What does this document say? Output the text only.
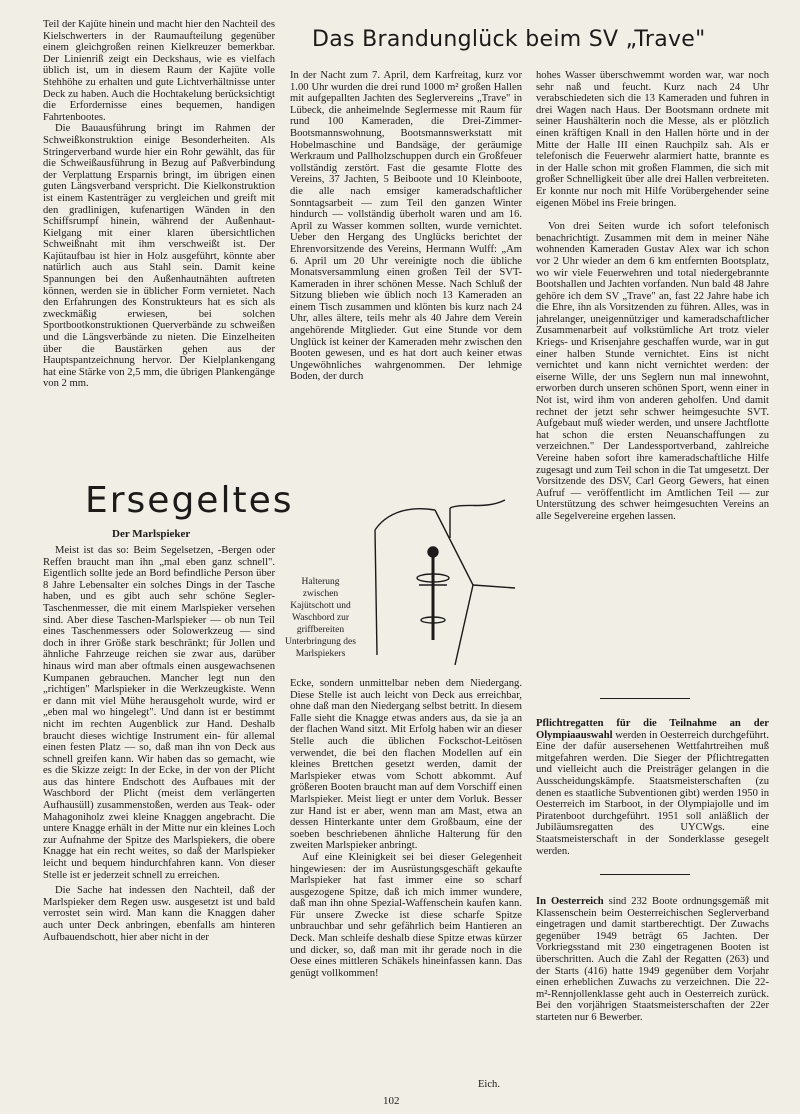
Teil der Kajüte hinein und macht hier den Nachteil des Kielschwerters in der Raumaufteilung gegenüber einem gleichgroßen reinen Kielkreuzer bemerkbar. Der Linienriß zeigt ein Deckshaus, wie es vielfach üblich ist, um in diesem Raum der Kajüte volle Stehhöhe zu erhalten und gute Lichtverhältnisse unter Deck zu haben. Auch die Hochtakelung berücksichtigt die Erfordernisse eines bequemen, handigen Fahrtenbootes.

Die Bauausführung bringt im Rahmen der Schweißkonstruktion einige Besonderheiten. Als Stringerverband wurde hier ein Rohr gewählt, das für die Schweißausführung in Bezug auf Paßverbindung der Verplattung Ersparnis bringt, im übrigen einen guten Längsverband verspricht. Die Kielkonstruktion ist einem Kastenträger zu vergleichen und greift mit den gradlinigen, kufenartigen Wänden in den Schiffsrumpf hinein, während der Außenhaut-Kielgang mit einer klaren übersichtlichen Schweißnaht mit ihm verschweißt ist. Der Kajütaufbau ist hier in Holz ausgeführt, könnte aber natürlich auch aus Stahl sein. Damit keine Spannungen bei den Außenhautnähten auftreten können, werden sie in üblicher Form vernietet. Nach den Erfahrungen des Konstrukteurs hat es sich als zweckmäßig erwiesen, bei solchen Sportbootkonstruktionen Querverbände zu schweißen und die Längsverbände zu nieten. Die Einzelheiten über die Baustärken gehen aus der Hauptspantzeichnung hervor. Der Kielplankengang hat eine Stärke von 2,5 mm, die übrigen Plankengänge von 2 mm.

Das Brandunglück beim SV „Trave"

In der Nacht zum 7. April, dem Karfreitag, kurz vor 1.00 Uhr wurden die drei rund 1000 m² großen Hallen mit aufgepallten Jachten des Seglervereins „Trave" in Lübeck, die anheimelnde Seglermesse mit Raum für rund 100 Kameraden, die Drei-Zimmer-Bootsmannswohnung, Bootsmannswerkstatt mit Hobelmaschine und Bandsäge, der geräumige Werkraum und Pallholzschuppen durch ein Großfeuer vollständig zerstört. Fast die gesamte Flotte des Vereins, 37 Jachten, 5 Beiboote und 10 Kleinboote, die alle nach emsiger kameradschaftlicher Sonntagsarbeit — zum Teil den ganzen Winter hindurch — vollständig überholt waren und am 16. April zu Wasser kommen sollten, wurde vernichtet. Ueber den Hergang des Unglücks berichtet der Ehrenvorsitzende des Vereins, Hermann Wulff: „Am 6. April um 20 Uhr vereinigte noch die übliche Monatsversammlung einen großen Teil der SVT-Kameraden in ihrer schönen Messe. Nach Schluß der Sitzung blieben wie üblich noch 13 Kameraden an einem Tisch zusammen und klönten bis kurz nach 24 Uhr, alles ältere, teils mehr als 40 Jahre dem Verein angehörende Mitglieder. Gut eine Stunde vor dem Unglück ist keiner der Kameraden mehr zwischen den Booten gewesen, und es hat dort auch keiner etwas Ungewöhnliches wahrgenommen. Der lehmige Boden, der durch

hohes Wasser überschwemmt worden war, war noch sehr naß und feucht. Kurz nach 24 Uhr verabschiedeten sich die 13 Kameraden und fuhren in drei Wagen nach Haus. Der Bootsmann ordnete mit seiner Haushälterin noch die Messe, als er plötzlich einen kräftigen Knall in den Hallen hörte und in der Mitte der Halle III einen Rauchpilz sah. Als er telefonisch die Feuerwehr alarmiert hatte, brannte es in der Halle schon mit großen Flammen, die sich mit großer Schnelligkeit über alle drei Hallen verbreiteten. Er konnte nur noch mit Hilfe Vorübergehender seine eigenen Möbel ins Freie bringen.

Von drei Seiten wurde ich sofort telefonisch benachrichtigt. Zusammen mit dem in meiner Nähe wohnenden Kameraden Gustav Alex war ich schon vor 2 Uhr wieder an dem 6 km entfernten Bootsplatz, wo wir viele Feuerwehren und total niedergebrannte Bootshallen und Jachten vorfanden. Nun bald 48 Jahre gehöre ich dem SV „Trave" an, fast 22 Jahre habe ich die Ehre, ihn als Vorsitzenden zu führen. Alles, was in jahrelanger, uneigennütziger und kameradschaftlicher Zusammenarbeit auf volkstümliche Art trotz vieler Kriegs- und Krisenjahre geschaffen wurde, war in gut einer halben Stunde vernichtet. Eins ist nicht vernichtet und kann nicht vernichtet werden: der eiserne Wille, der uns Seglern nun mal innewohnt, erworben durch unseren schönen Sport, wenn einer in Not ist, wird ihm von anderen geholfen. Und damit rechnet der jetzt sehr schwer heimgesuchte SVT. Aufgebaut muß wieder werden, und unsere Jachtflotte hat schon die ersten Neuanschaffungen zu verzeichnen." Der Landessportverband, zahlreiche Vereine haben sofort ihre kameradschaftliche Hilfe zugesagt und zum Teil schon in die Tat umgesetzt. Der Vorsitzende des DSV, Carl Georg Gewers, hat einen Aufruf — veröffentlicht im Amtlichen Teil — zur Unterstützung des schwer heimgesuchten Vereins an alle Segelvereine ergehen lassen.

Ersegeltes
Der Marlspieker

Meist ist das so: Beim Segelsetzen, -Bergen oder Reffen braucht man ihn „mal eben ganz schnell". Eigentlich sollte jede an Bord befindliche Person über 8 Jahre Lebensalter ein solches Dings in der Tasche haben, und es gibt auch sehr schöne Segler-Taschenmesser, die mit einem Marlspieker versehen sind. Aber diese Taschen-Marlspieker — ob nun Teil eines Taschenmessers oder Solowerkzeug — sind doch in ihrer Größe stark beschränkt; für Jollen und ähnliche Fahrzeuge reichen sie zwar aus, darüber hinaus wird man aber oftmals einen ausgewachsenen Kumpanen gebrauchen. Mancher legt nun den „richtigen" Marlspieker in die Werkzeugkiste. Wenn er dann mit viel Mühe herausgeholt wurde, wird er „eben mal wo hingelegt". Und dann ist er bestimmt nicht im rechten Augenblick zur Hand. Deshalb braucht dieses wichtige Instrument ein- für allemal einen festen Platz — so, daß man ihn von Deck aus schnell greifen kann. Wir haben das so gemacht, wie es die Skizze zeigt: In der Ecke, in der von der Plicht aus das hintere Endschott des Aufbaues mit der Waschbord der Plicht (meist dem verlängerten Aufhausüll) zusammenstoßen, werden aus Teak- oder Mahagoniholz zwei kleine Knaggen angebracht. Die untere Knagge erhält in der Mitte nur ein kleines Loch zur Aufnahme der Spitze des Marlspiekers, die obere Knagge hat ein recht weites, so daß der Marlspieker leicht und bequem hindurchfahren kann. Von dieser Stelle ist er jederzeit schnell zu erreichen.

Die Sache hat indessen den Nachteil, daß der Marlspieker dem Regen usw. ausgesetzt ist und bald verrostet sein wird. Man kann die Knaggen daher auch unter Deck anbringen, ebenfalls am hinteren Aufbauendschott, hier aber nicht in der

Halterung zwischen Kajütschott und Waschbord zur griffbereiten Unterbringung des Marlspiekers

Ecke, sondern unmittelbar neben dem Niedergang. Diese Stelle ist auch leicht von Deck aus erreichbar, ohne daß man den Niedergang selbst betritt. In diesem Falle sieht die Knagge etwas anders aus, da sie ja an der flachen Wand sitzt. Mit Erfolg haben wir an dieser Stelle auch die üblichen Fockschot-Leitösen verwendet, die bei den flachen Modellen auf ein kleines Brettchen gesetzt werden, damit der Marlspieker etwas vom Schott abkommt. Auf größeren Booten braucht man auf dem Vorschiff einen Marlspieker. Meist liegt er unter dem Vorluk. Besser zur Hand ist er aber, wenn man am Mast, etwa an dessen Hinterkante unter dem Großbaum, eine der soeben beschriebenen ähnliche Halterung für den zweiten Marlspieker anbringt.

Auf eine Kleinigkeit sei bei dieser Gelegenheit hingewiesen: der im Ausrüstungsgeschäft gekaufte Marlspieker hat fast immer eine so scharf ausgezogene Spitze, daß ich mich immer wundere, daß man ihn ohne Spezial-Waffenschein kaufen kann. Für unsere Zwecke ist diese scharfe Spitze unbrauchbar und sehr gefährlich beim Hantieren an Deck. Man schleife deshalb diese Spitze etwas kürzer und dicker, so, daß man mit ihr gerade noch in die Oese eines mittleren Schäkels hineinfassen kann. Das genügt vollkommen!

Eich.

Pflichtregatten für die Teilnahme an der Olympiaauswahl werden in Oesterreich durchgeführt. Eine der dafür ausersehenen Wettfahrtreihen muß mitgefahren werden. Die Sieger der Pflichtregatten und vielleicht auch die Preisträger gelangen in die Ausscheidungskämpfe. Staatsmeisterschaften (zu denen es staatliche Subventionen gibt) werden 1950 in Oesterreich im Starboot, in der Olympiajolle und im Piratenboot durchgeführt. 1951 soll anläßlich der Jubiläumsregatten des UYCWgs. eine Staatsmeisterschaft in der Sonderklasse gesegelt werden.

In Oesterreich sind 232 Boote ordnungsgemäß mit Klassenschein beim Oesterreichischen Seglerverband eingetragen und damit startberechtigt. Der Zuwachs gegenüber 1949 beträgt 65 Jachten. Der Vorkriegsstand mit 230 eingetragenen Booten ist überschritten. Auch die Zahl der Regatten (263) und der Starts (416) hatte 1949 gegenüber dem Vorjahr einen erheblichen Zuwachs zu verzeichnen. Die 22-m²-Rennjollenklasse geht auch in Oesterreich zurück. Bei den vorjährigen Staatsmeisterschaften der 22er starteten nur 6 Bewerber.

102
